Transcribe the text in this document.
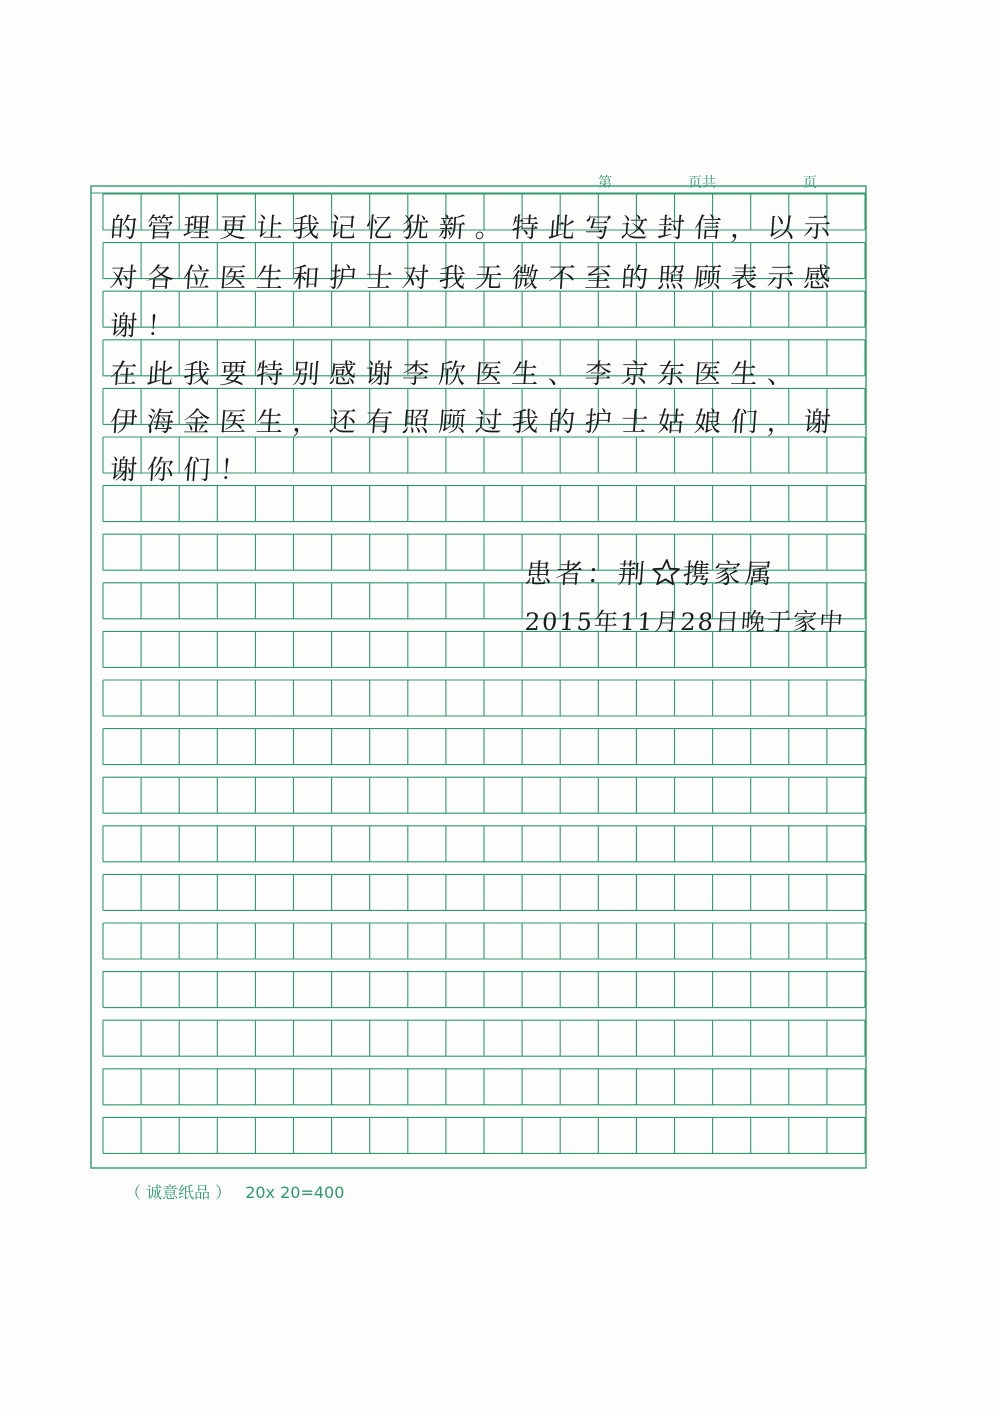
第	页共	页
的管理更让我记忆犹新。特此写这封信，以示
对各位医生和护士对我无微不至的照顾表示感
谢！
在此我要特别感谢李欣医生、李京东医生、
伊海金医生，还有照顾过我的护士姑娘们，谢
谢你们！
患者：荆 携家属
2015年11月28日晚于家中
（ 诚意纸品 ） 20x 20=400
